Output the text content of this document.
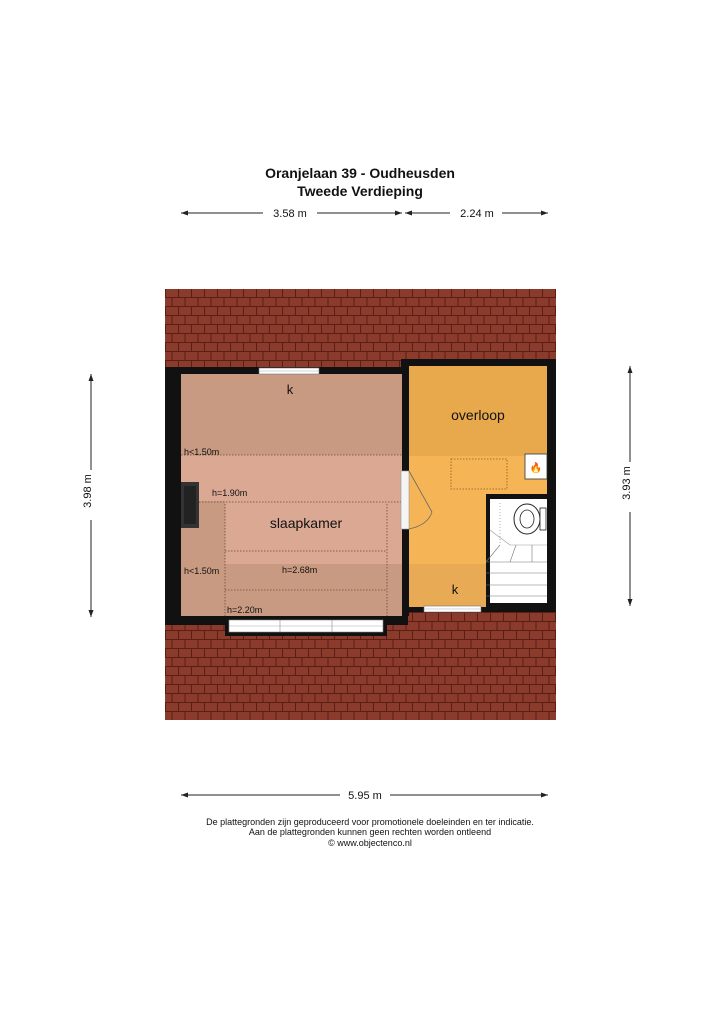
Oranjelaan 39 - Oudheusden
Tweede Verdieping
3.58 m	2.24 m
3.98 m	3.93 m
5.95 m
🔥
k
k
overloop
slaapkamer
h<1.50m
h=1.90m
h<1.50m	h=2.68m
h=2.20m
De plattegronden zijn geproduceerd voor promotionele doeleinden en ter indicatie.
Aan de plattegronden kunnen geen rechten worden ontleend
© www.objectenco.nl
